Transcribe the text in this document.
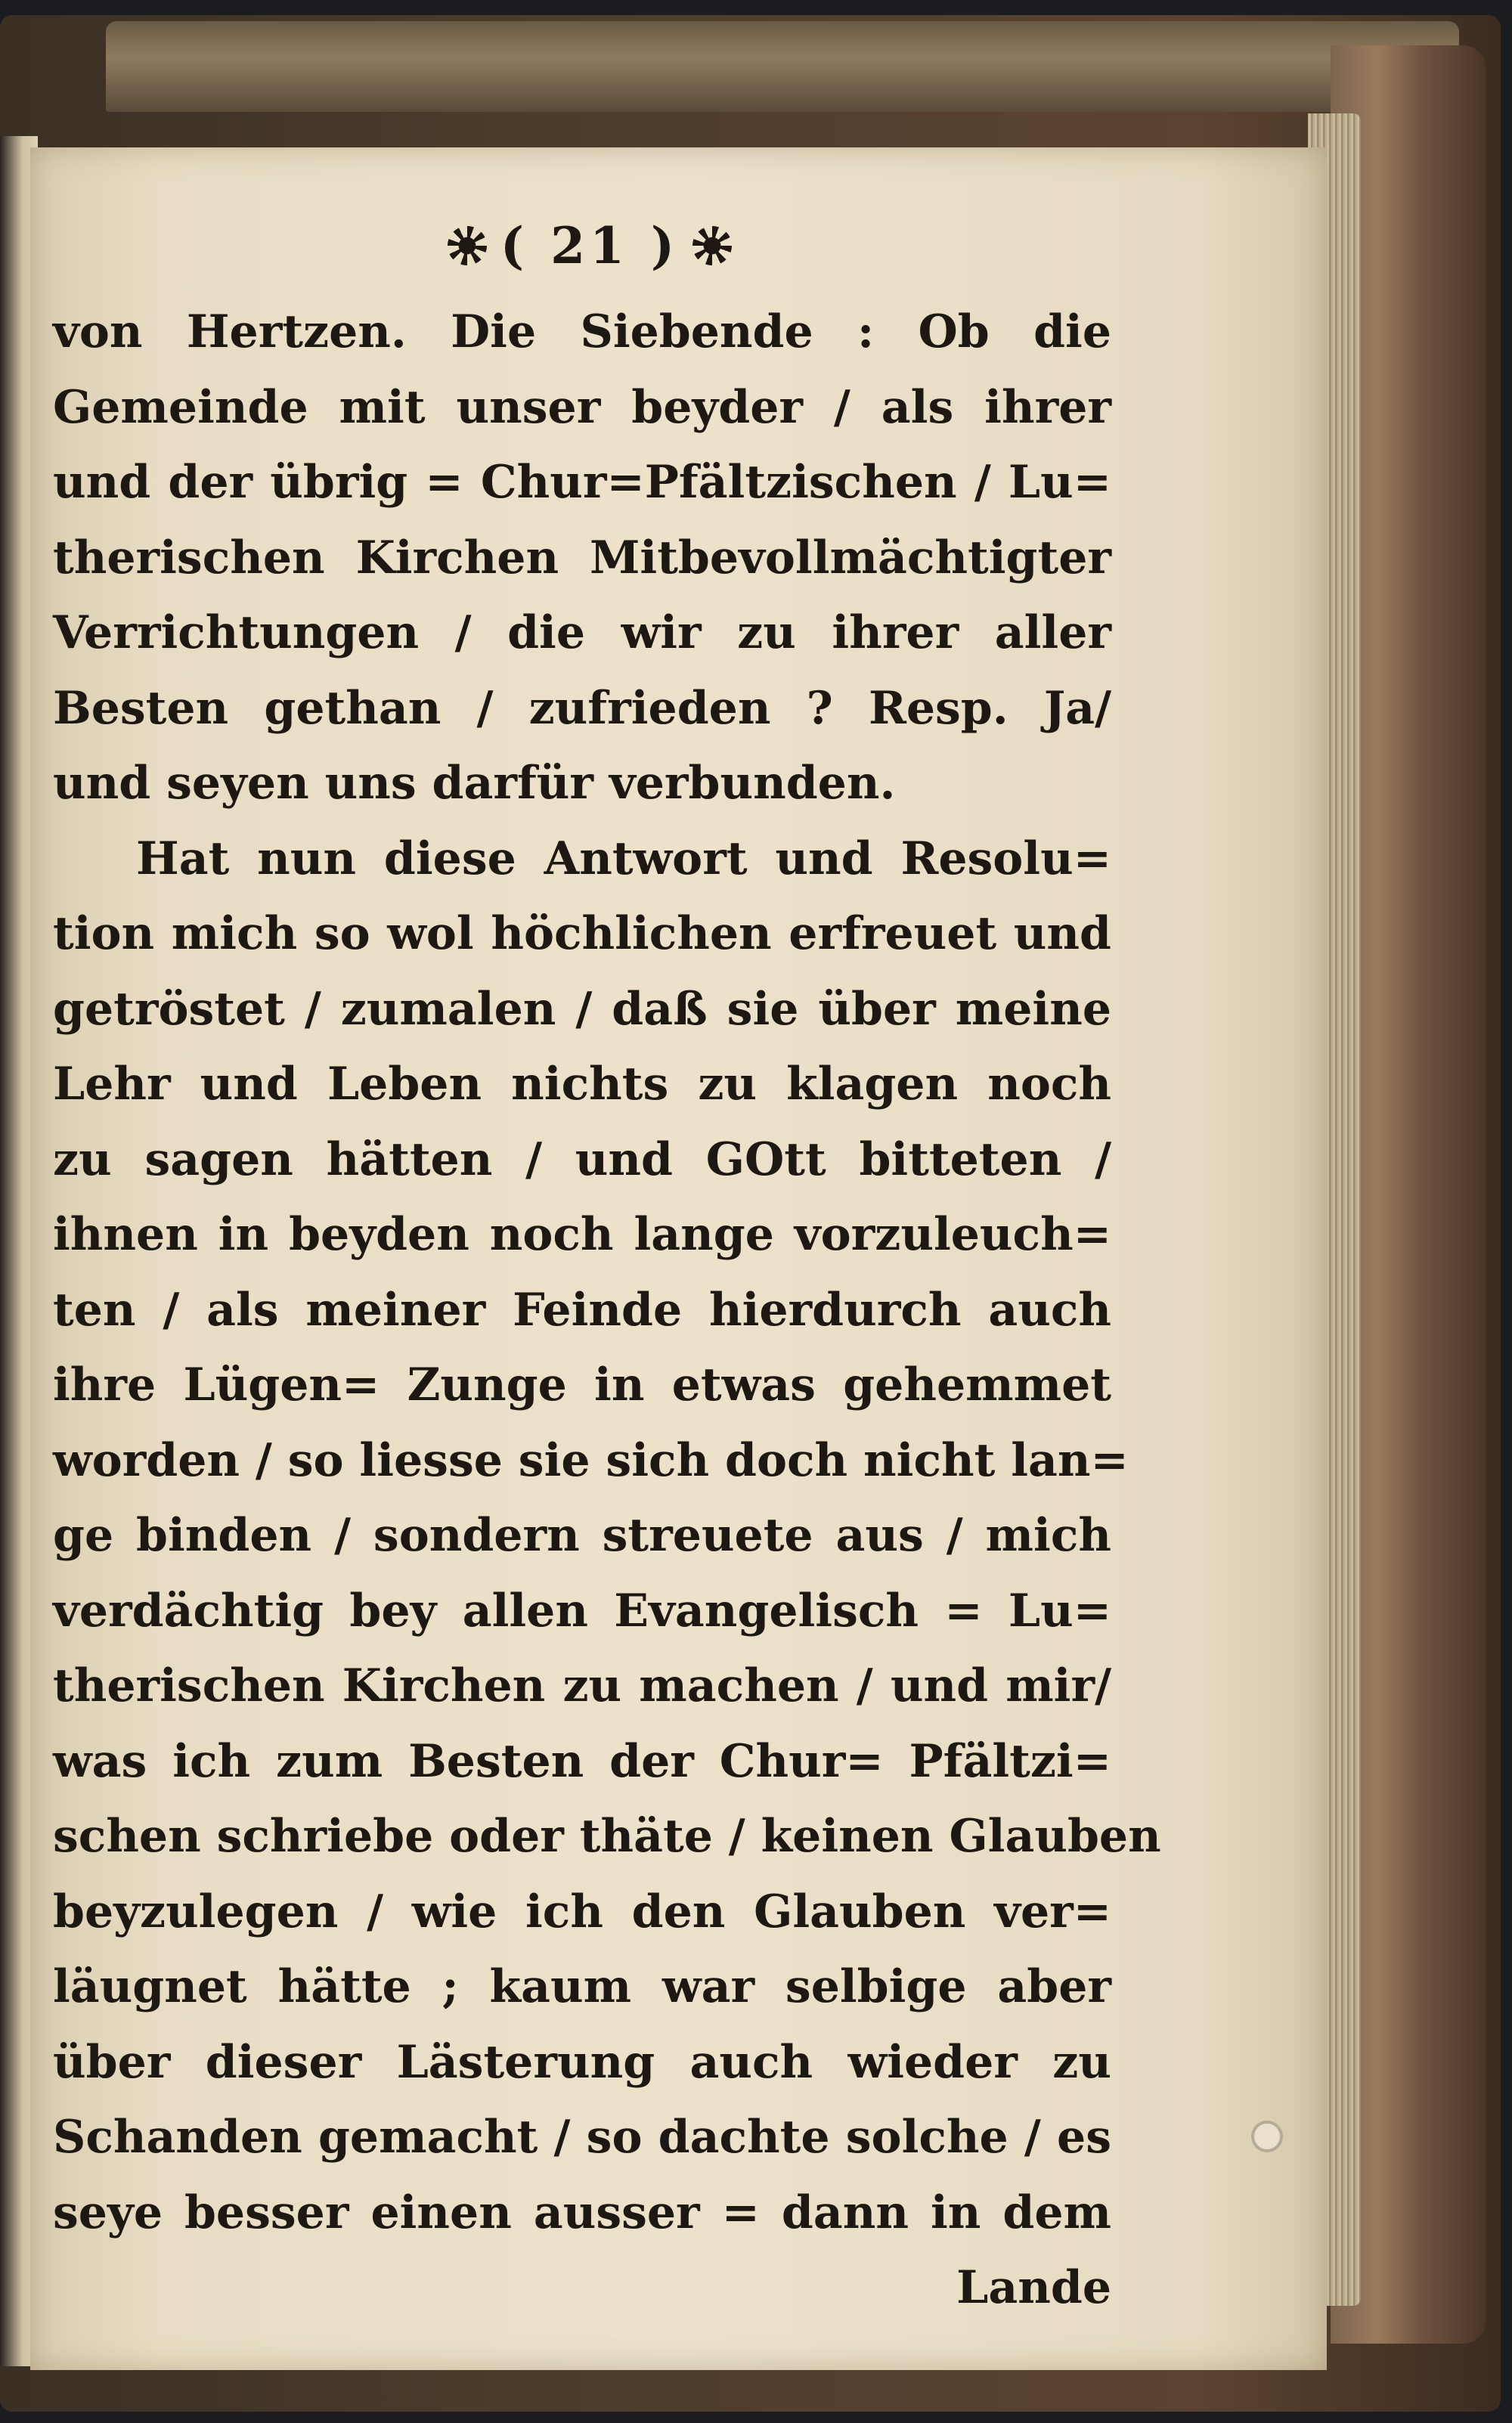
( 21 )
von Hertzen. Die Siebende : Ob die
Gemeinde mit unser beyder / als ihrer
und der übrig = Chur=Pfältzischen / Lu=
therischen Kirchen Mitbevollmächtigter
Verrichtungen / die wir zu ihrer aller
Besten gethan / zufrieden ? Resp. Ja/
und seyen uns darfür verbunden.
Hat nun diese Antwort und Resolu=
tion mich so wol höchlichen erfreuet und
getröstet / zumalen / daß sie über meine
Lehr und Leben nichts zu klagen noch
zu sagen hätten / und GOtt bitteten /
ihnen in beyden noch lange vorzuleuch=
ten / als meiner Feinde hierdurch auch
ihre Lügen= Zunge in etwas gehemmet
worden / so liesse sie sich doch nicht lan=
ge binden / sondern streuete aus / mich
verdächtig bey allen Evangelisch = Lu=
therischen Kirchen zu machen / und mir/
was ich zum Besten der Chur= Pfältzi=
schen schriebe oder thäte / keinen Glauben
beyzulegen / wie ich den Glauben ver=
läugnet hätte ; kaum war selbige aber
über dieser Lästerung auch wieder zu
Schanden gemacht / so dachte solche / es
seye besser einen ausser = dann in dem
Lande
